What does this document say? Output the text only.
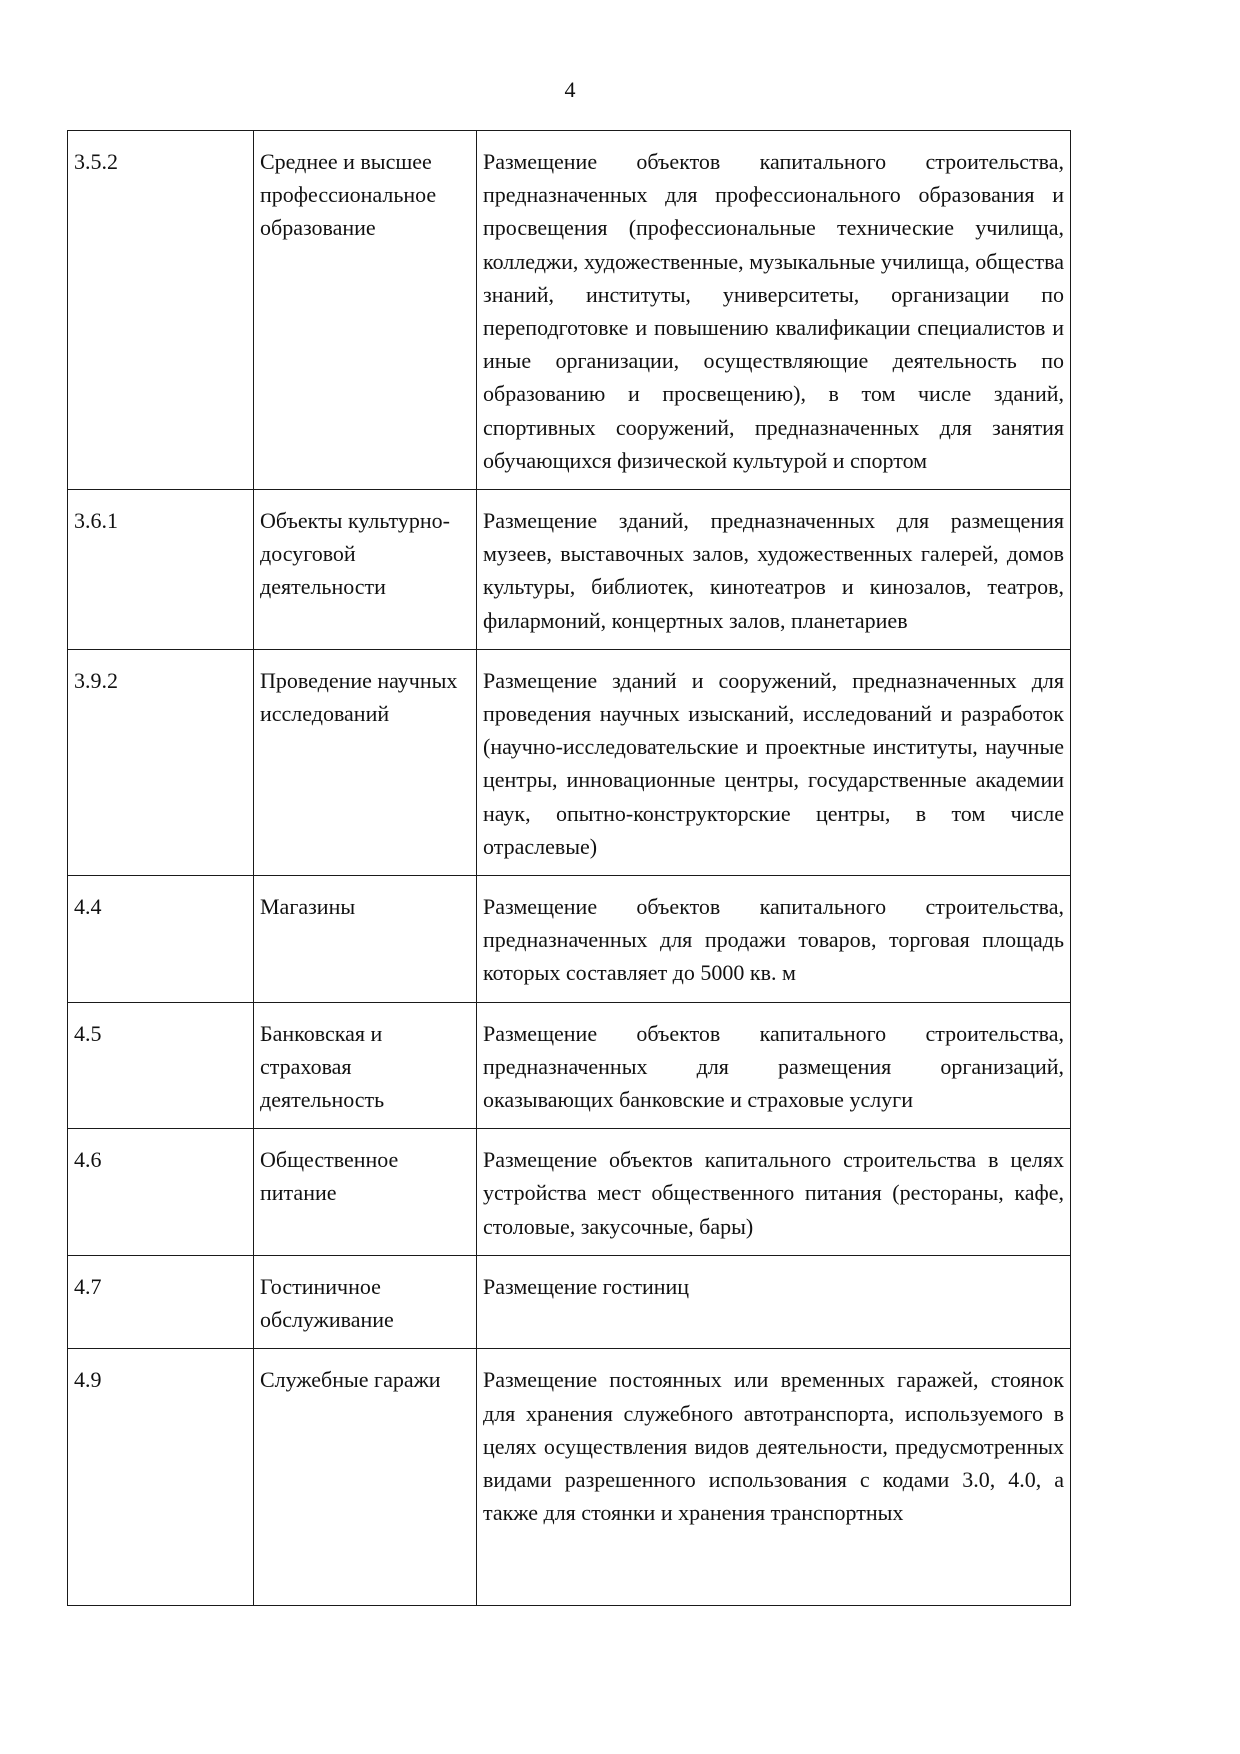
4
3.5.2	Среднее и высшее профессиональное образование	Размещение объектов капитального строительства, предназначенных для профессионального образования и просвещения (профессиональные технические училища, колледжи, художественные, музыкальные училища, общества знаний, институты, университеты, организации по переподготовке и повышению квалификации специалистов и иные организации, осуществляющие деятельность по образованию и просвещению), в том числе зданий, спортивных сооружений, предназначенных для занятия обучающихся физической культурой и спортом
3.6.1	Объекты культурно-досуговой деятельности	Размещение зданий, предназначенных для размещения музеев, выставочных залов, художественных галерей, домов культуры, библиотек, кинотеатров и кинозалов, театров, филармоний, концертных залов, планетариев
3.9.2	Проведение научных исследований	Размещение зданий и сооружений, предназначенных для проведения научных изысканий, исследований и разработок (научно-исследовательские и проектные институты, научные центры, инновационные центры, государственные академии наук, опытно-конструкторские центры, в том числе отраслевые)
4.4	Магазины	Размещение объектов капитального строительства, предназначенных для продажи товаров, торговая площадь которых составляет до 5000 кв. м
4.5	Банковская и страховая деятельность	Размещение объектов капитального строительства, предназначенных для размещения организаций, оказывающих банковские и страховые услуги
4.6	Общественное питание	Размещение объектов капитального строительства в целях устройства мест общественного питания (рестораны, кафе, столовые, закусочные, бары)
4.7	Гостиничное обслуживание	Размещение гостиниц
4.9	Служебные гаражи	Размещение постоянных или временных гаражей, стоянок для хранения служебного автотранспорта, используемого в целях осуществления видов деятельности, предусмотренных видами разрешенного использования с кодами 3.0, 4.0, а также для стоянки и хранения транспортных
